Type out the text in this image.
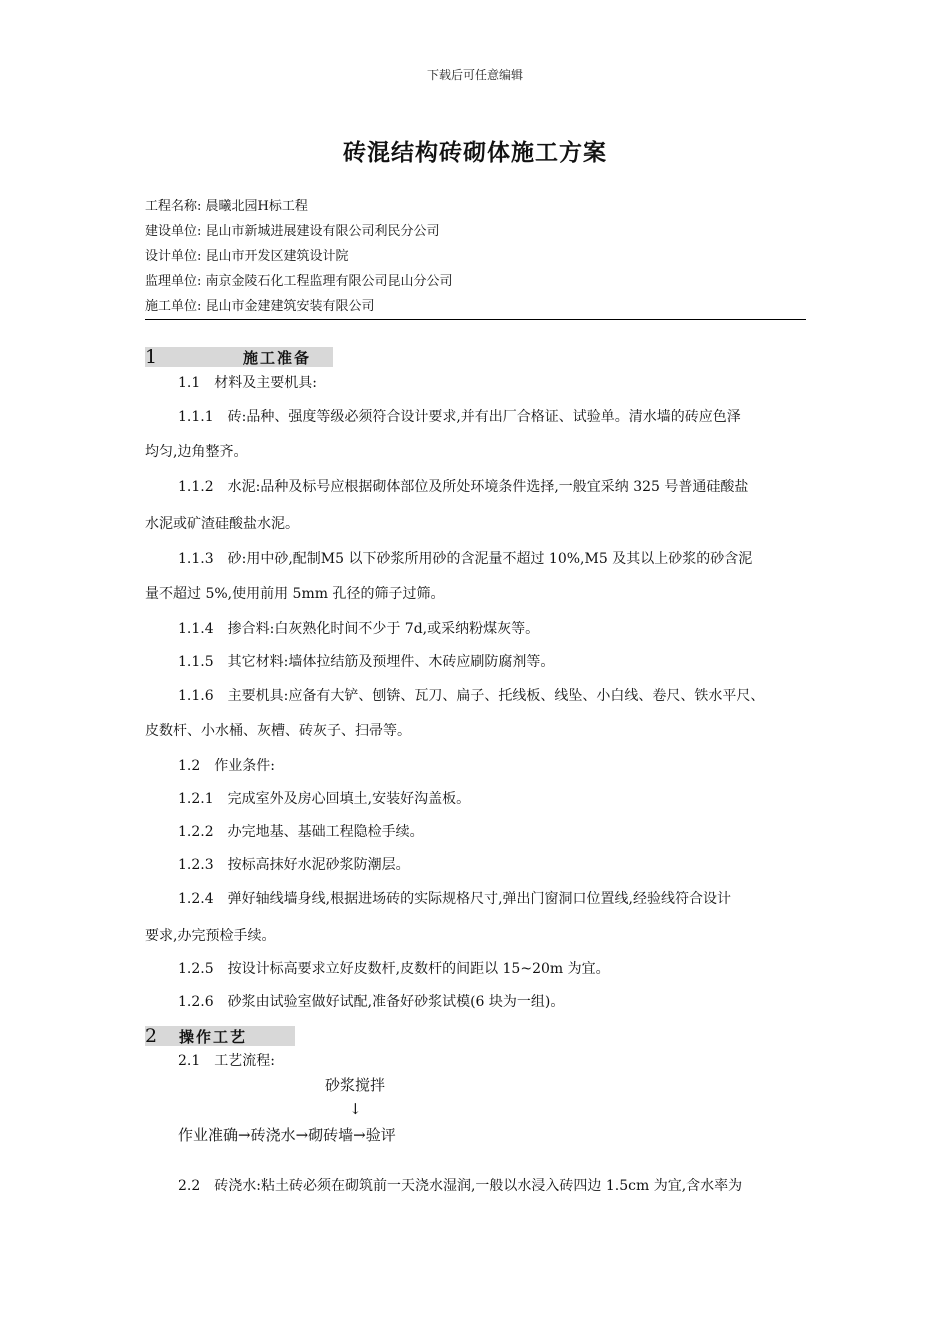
下载后可任意编辑
砖混结构砖砌体施工方案
工程名称: 晨曦北园H标工程
建设单位: 昆山市新城进展建设有限公司利民分公司
设计单位: 昆山市开发区建筑设计院
监理单位: 南京金陵石化工程监理有限公司昆山分公司
施工单位: 昆山市金建建筑安装有限公司
1	施工准备
1.1 材料及主要机具:
1.1.1 砖:品种、强度等级必须符合设计要求,并有出厂合格证、试验单。清水墙的砖应色泽
均匀,边角整齐。
1.1.2 水泥:品种及标号应根据砌体部位及所处环境条件选择,一般宜采纳 325 号普通硅酸盐
水泥或矿渣硅酸盐水泥。
1.1.3 砂:用中砂,配制M5 以下砂浆所用砂的含泥量不超过 10%,M5 及其以上砂浆的砂含泥
量不超过 5%,使用前用 5mm 孔径的筛子过筛。
1.1.4 掺合料:白灰熟化时间不少于 7d,或采纳粉煤灰等。
1.1.5 其它材料:墙体拉结筋及预埋件、木砖应刷防腐剂等。
1.1.6 主要机具:应备有大铲、刨锛、瓦刀、扁子、托线板、线坠、小白线、卷尺、铁水平尺、
皮数杆、小水桶、灰槽、砖灰子、扫帚等。
1.2 作业条件:
1.2.1 完成室外及房心回填土,安装好沟盖板。
1.2.2 办完地基、基础工程隐检手续。
1.2.3 按标高抹好水泥砂浆防潮层。
1.2.4 弹好轴线墙身线,根据进场砖的实际规格尺寸,弹出门窗洞口位置线,经验线符合设计
要求,办完预检手续。
1.2.5 按设计标高要求立好皮数杆,皮数杆的间距以 15~20m 为宜。
1.2.6 砂浆由试验室做好试配,准备好砂浆试模(6 块为一组)。
2	操作工艺
2.1 工艺流程:
砂浆搅拌
↓
作业准确→砖浇水→砌砖墙→验评
2.2 砖浇水:粘土砖必须在砌筑前一天浇水湿润,一般以水浸入砖四边 1.5cm 为宜,含水率为
